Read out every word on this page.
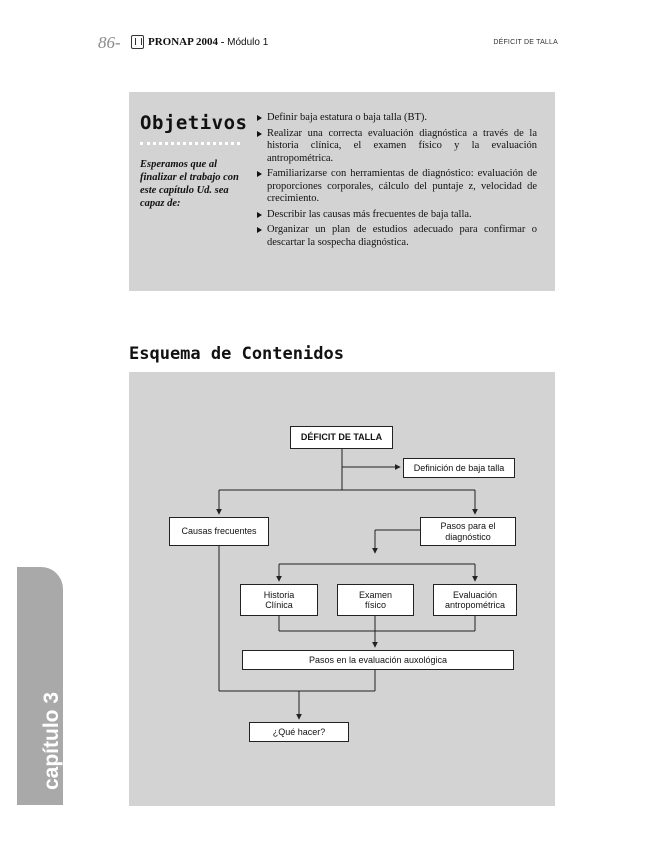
86- PRONAP 2004 - Módulo 1	DÉFICIT DE TALLA
Objetivos
Esperamos que al finalizar el trabajo con este capítulo Ud. sea capaz de:
Definir baja estatura o baja talla (BT).
Realizar una correcta evaluación diagnóstica a través de la historia clínica, el examen físico y la evaluación antropométrica.
Familiarizarse con herramientas de diagnóstico: evaluación de proporciones corporales, cálculo del puntaje z, velocidad de crecimiento.
Describir las causas más frecuentes de baja talla.
Organizar un plan de estudios adecuado para confirmar o descartar la sospecha diagnóstica.
Esquema de Contenidos
DÉFICIT DE TALLA
Definición de baja talla
Causas frecuentes
Pasos para el
diagnóstico
Historia
Clínica
Examen
físico
Evaluación
antropométrica
Pasos en la evaluación auxológica
¿Qué hacer?
capítulo 3
